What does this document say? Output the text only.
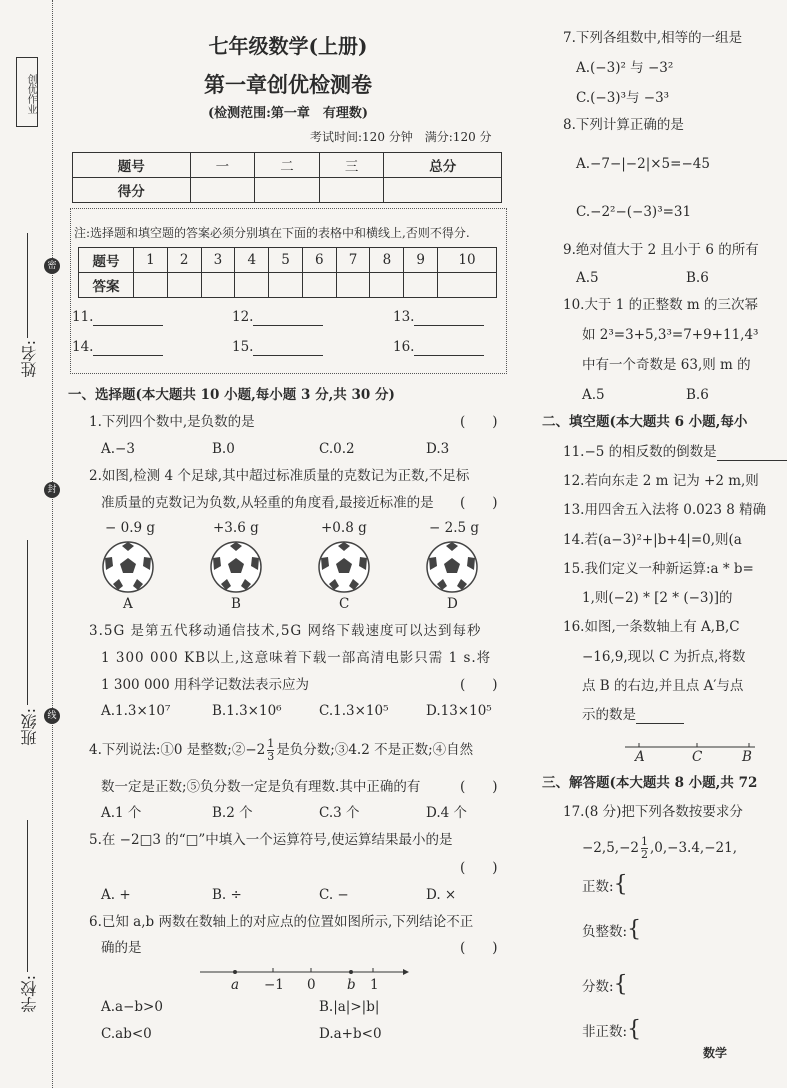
创优作业
姓名:
班级:
学校:
密
封
线
七年级数学(上册)
第一章创优检测卷
(检测范围:第一章　有理数)
考试时间:120 分钟　满分:120 分
题号	一	二	三	总分
得分				
注:选择题和填空题的答案必须分别填在下面的表格中和横线上,否则不得分.
题号	1	2	3	4	5	6	7	8	9	10
答案										
11.	12.	13.
14.	15.	16.
一、选择题(本大题共 10 小题,每小题 3 分,共 30 分)
1.下列四个数中,是负数的是	(　　)
A.−3	B.0	C.0.2	D.3
2.如图,检测 4 个足球,其中超过标准质量的克数记为正数,不足标
准质量的克数记为负数,从轻重的角度看,最接近标准的是 (　　)
− 0.9 g
A
+3.6 g
B
+0.8 g
C
− 2.5 g
D
3.5G 是第五代移动通信技术,5G 网络下载速度可以达到每秒
1 300 000 KB以上,这意味着下载一部高清电影只需 1 s.将
1 300 000 用科学记数法表示应为	(　　)
A.1.3×10⁷	B.1.3×10⁶	C.1.3×10⁵	D.13×10⁵
4.下列说法:①0 是整数;②−2 $\frac{1}{3}$ 是负分数;③4.2 不是正数;④自然
数一定是正数;⑤负分数一定是负有理数.其中正确的有	(　　)
A.1 个	B.2 个	C.3 个	D.4 个
5.在 −2□3 的“□”中填入一个运算符号,使运算结果最小的是
(　　)
A. +	B. ÷	C. −	D. ×
6.已知 a,b 两数在数轴上的对应点的位置如图所示,下列结论不正
确的是	(　　)
a −1 0 b 1
A.a−b>0	B.|a|>|b|
C.ab<0	D.a+b<0
7.下列各组数中,相等的一组是
A.(−3)² 与 −3²
C.(−3)³与 −3³
8.下列计算正确的是
A.−7−|−2|×5=−45
C.−2²−(−3)³=31
9.绝对值大于 2 且小于 6 的所有
A.5	B.6
10.大于 1 的正整数 m 的三次幂
如 2³=3+5,3³=7+9+11,4³
中有一个奇数是 63,则 m 的
A.5	B.6
二、填空题(本大题共 6 小题,每小
11.−5 的相反数的倒数是
12.若向东走 2 m 记为 +2 m,则
13.用四舍五入法将 0.023 8 精确
14.若(a−3)²+|b+4|=0,则(a
15.我们定义一种新运算:a * b=
1,则(−2) * [2 * (−3)]的
16.如图,一条数轴上有 A,B,C
−16,9,现以 C 为折点,将数
点 B 的右边,并且点 A′与点
示的数是
A	C	B
三、解答题(本大题共 8 小题,共 72
17.(8 分)把下列各数按要求分
$-2,5,-2 \frac{1}{2} ,0,-3.4,-21$,
正数:{
负整数:{
分数:{
非正数:{
数学
